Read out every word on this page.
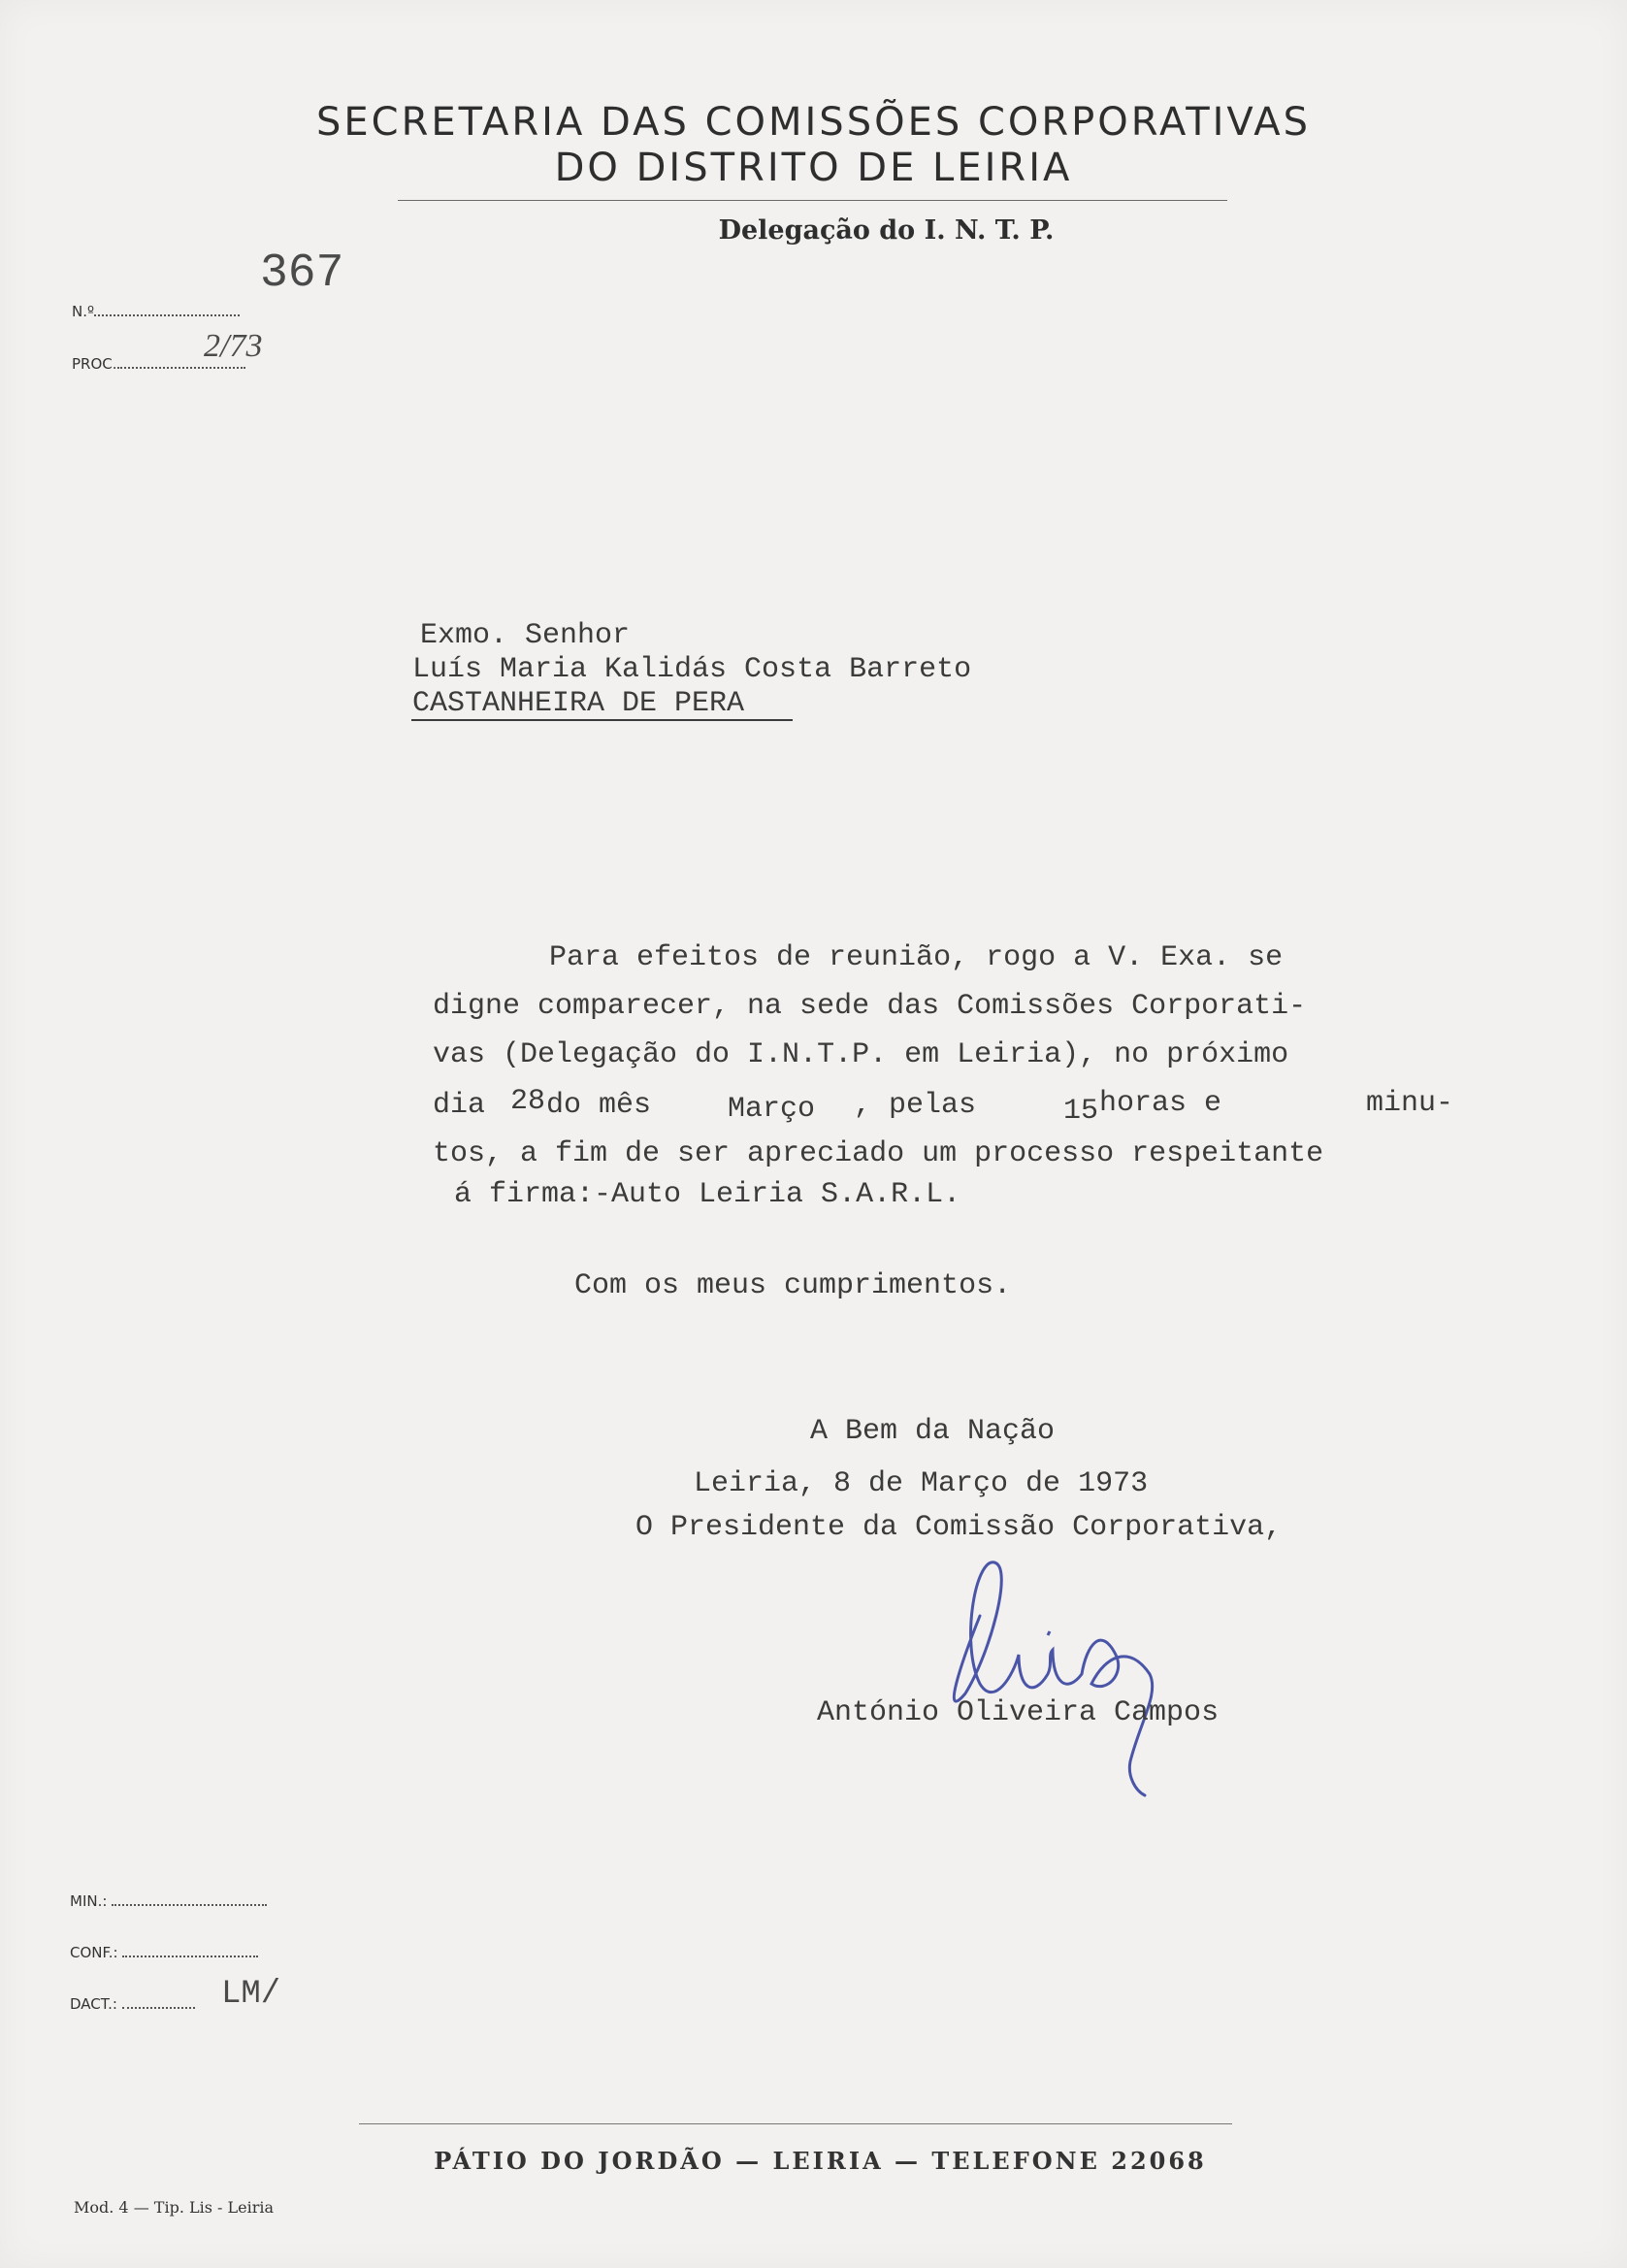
SECRETARIA DAS COMISSÕES CORPORATIVAS
DO DISTRITO DE LEIRIA
Delegação do I. N. T. P.
N.º
367
PROC.	2/73
Exmo. Senhor
Luís Maria Kalidás Costa Barreto
CASTANHEIRA DE PERA
Para efeitos de reunião, rogo a V. Exa. se
digne comparecer, na sede das Comissões Corporati-
vas (Delegação do I.N.T.P. em Leiria), no próximo
dia 28 do mês	Março , pelas	15 horas e	minu-
tos, a fim de ser apreciado um processo respeitante
á firma:-Auto Leiria S.A.R.L.
Com os meus cumprimentos.
A Bem da Nação
Leiria, 8 de Março de 1973
O Presidente da Comissão Corporativa,
António Oliveira Campos
MIN.:
CONF.:
DACT.:	LM/
PÁTIO DO JORDÃO — LEIRIA — TELEFONE 22068
Mod. 4 — Tip. Lis - Leiria
